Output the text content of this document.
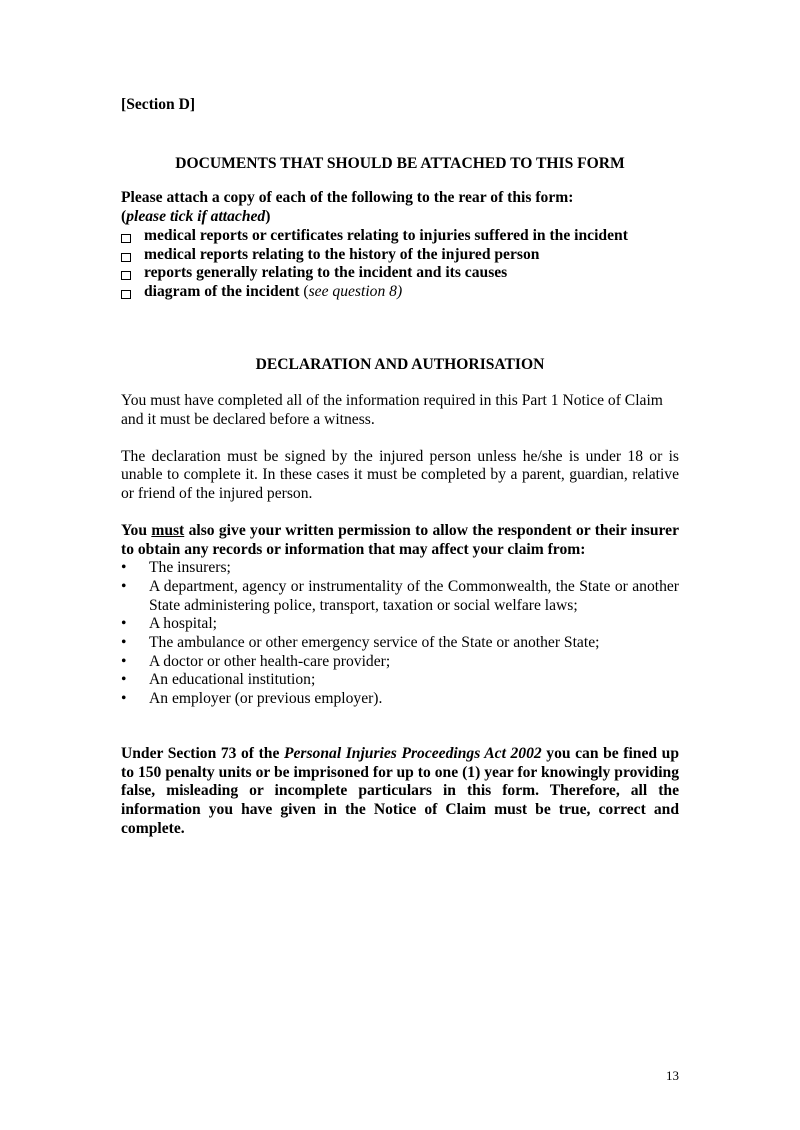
[Section D]

DOCUMENTS THAT SHOULD BE ATTACHED TO THIS FORM

Please attach a copy of each of the following to the rear of this form:

(please tick if attached)

medical reports or certificates relating to injuries suffered in the incident
medical reports relating to the history of the injured person
reports generally relating to the incident and its causes
diagram of the incident (see question 8)

DECLARATION AND AUTHORISATION

You must have completed all of the information required in this Part 1 Notice of Claim and it must be declared before a witness.

The declaration must be signed by the injured person unless he/she is under 18 or is unable to complete it. In these cases it must be completed by a parent, guardian, relative or friend of the injured person.

You must also give your written permission to allow the respondent or their insurer to obtain any records or information that may affect your claim from:

•	The insurers;
•	A department, agency or instrumentality of the Commonwealth, the State or another State administering police, transport, taxation or social welfare laws;
•	A hospital;
•	The ambulance or other emergency service of the State or another State;
•	A doctor or other health-care provider;
•	An educational institution;
•	An employer (or previous employer).

Under Section 73 of the Personal Injuries Proceedings Act 2002 you can be fined up to 150 penalty units or be imprisoned for up to one (1) year for knowingly providing false, misleading or incomplete particulars in this form. Therefore, all the information you have given in the Notice of Claim must be true, correct and complete.

13
